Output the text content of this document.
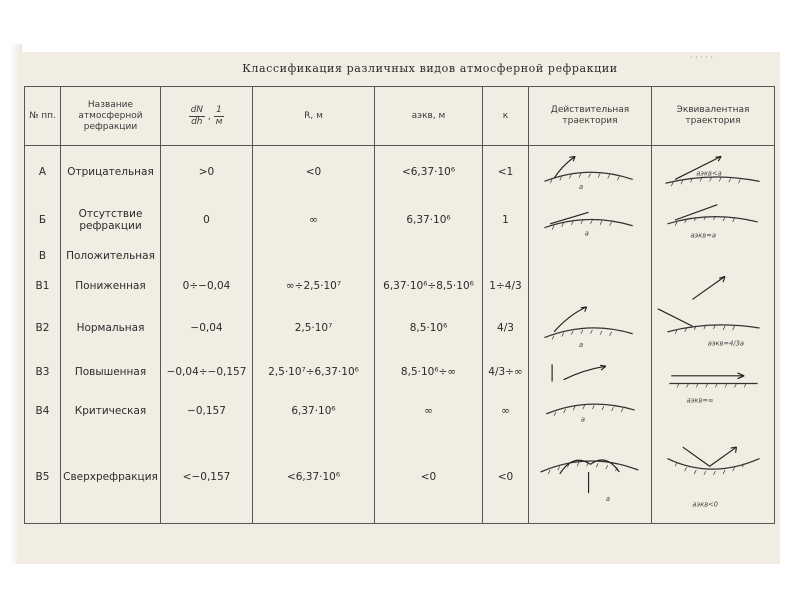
· · · · ·
Классификация различных видов атмосферной рефракции
№ пп.	Название атмосферной рефракции	$\frac{dN}{dh}$ , $\frac{1}{м}$	R, м	aэкв, м	к	Действительная траектория	Эквивалентная траектория
А	Отрицательная	>0	<0	<6,37·10⁶	<1	a	aэкв<a

Б	Отсутствие рефракции	0	∞	6,37·10⁶	1	a	aэкв=a

В	Положительная						
В1	Пониженная	0÷−0,04	∞÷2,5·10⁷	6,37·10⁶÷8,5·10⁶	1÷4/3		

В2	Нормальная	−0,04	2,5·10⁷	8,5·10⁶	4/3	a	aэкв=4/3a

В3	Повышенная	−0,04÷−0,157	2,5·10⁷÷6,37·10⁶	8,5·10⁶÷∞	4/3÷∞	

В4	Критическая	−0,157	6,37·10⁶	∞	∞	a	aэкв=∞

В5	Сверхрефракция	<−0,157	<6,37·10⁶	<0	<0	a	aэкв<0
